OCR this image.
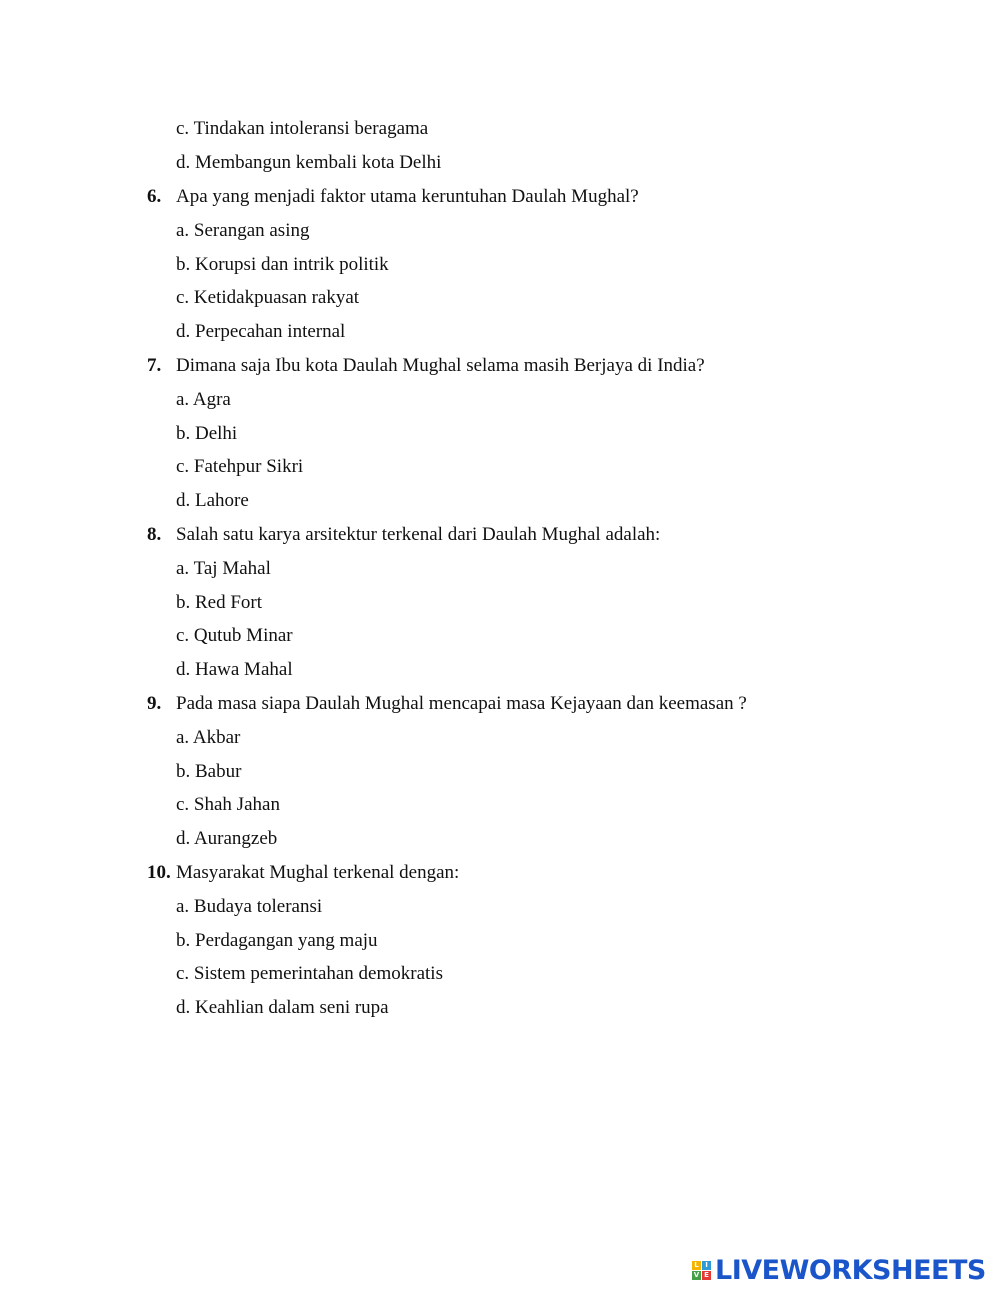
c. Tindakan intoleransi beragama
d. Membangun kembali kota Delhi
6. Apa yang menjadi faktor utama keruntuhan Daulah Mughal?
a. Serangan asing
b. Korupsi dan intrik politik
c. Ketidakpuasan rakyat
d. Perpecahan internal
7. Dimana saja Ibu kota Daulah Mughal selama masih Berjaya di India?
a. Agra
b. Delhi
c. Fatehpur Sikri
d. Lahore
8. Salah satu karya arsitektur terkenal dari Daulah Mughal adalah:
a. Taj Mahal
b. Red Fort
c. Qutub Minar
d. Hawa Mahal
9. Pada masa siapa Daulah Mughal mencapai masa Kejayaan dan keemasan ?
a. Akbar
b. Babur
c. Shah Jahan
d. Aurangzeb
10. Masyarakat Mughal terkenal dengan:
a. Budaya toleransi
b. Perdagangan yang maju
c. Sistem pemerintahan demokratis
d. Keahlian dalam seni rupa
L I
V E LIVEWORKSHEETS
